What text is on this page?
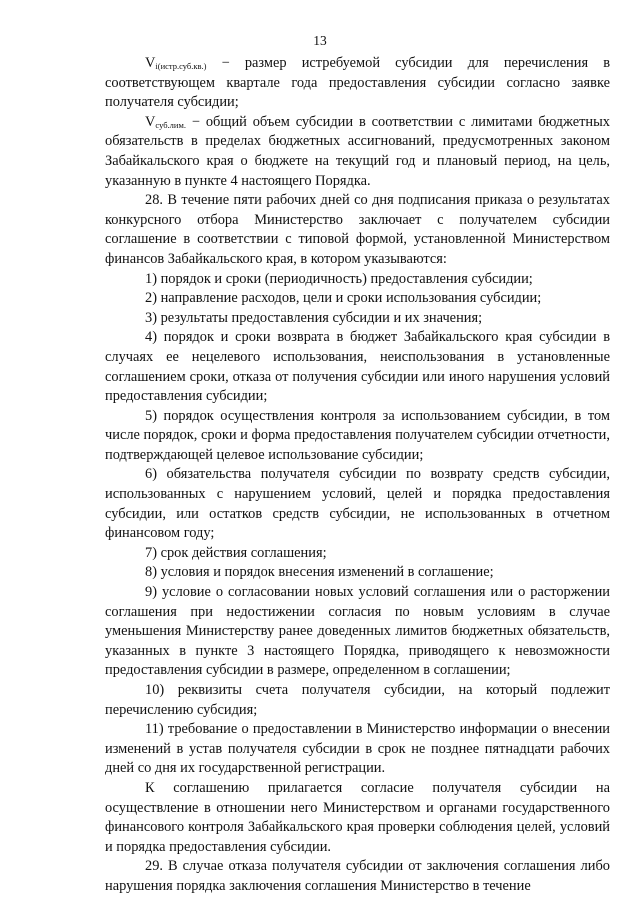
13

$V_{i(истр.суб.кв.)}$ − размер истребуемой субсидии для перечисления в соответствующем квартале года предоставления субсидии согласно заявке получателя субсидии;

$V_{суб.лим.}$ − общий объем субсидии в соответствии с лимитами бюджетных обязательств в пределах бюджетных ассигнований, предусмотренных законом Забайкальского края о бюджете на текущий год и плановый период, на цель, указанную в пункте 4 настоящего Порядка.

28. В течение пяти рабочих дней со дня подписания приказа о результатах конкурсного отбора Министерство заключает с получателем субсидии соглашение в соответствии с типовой формой, установленной Министерством финансов Забайкальского края, в котором указываются:

1) порядок и сроки (периодичность) предоставления субсидии;

2) направление расходов, цели и сроки использования субсидии;

3) результаты предоставления субсидии и их значения;

4) порядок и сроки возврата в бюджет Забайкальского края субсидии в случаях ее нецелевого использования, неиспользования в установленные соглашением сроки, отказа от получения субсидии или иного нарушения условий предоставления субсидии;

5) порядок осуществления контроля за использованием субсидии, в том числе порядок, сроки и форма предоставления получателем субсидии отчетности, подтверждающей целевое использование субсидии;

6) обязательства получателя субсидии по возврату средств субсидии, использованных с нарушением условий, целей и порядка предоставления субсидии, или остатков средств субсидии, не использованных в отчетном финансовом году;

7) срок действия соглашения;

8) условия и порядок внесения изменений в соглашение;

9) условие о согласовании новых условий соглашения или о расторжении соглашения при недостижении согласия по новым условиям в случае уменьшения Министерству ранее доведенных лимитов бюджетных обязательств, указанных в пункте 3 настоящего Порядка, приводящего к невозможности предоставления субсидии в размере, определенном в соглашении;

10) реквизиты счета получателя субсидии, на который подлежит перечислению субсидия;

11) требование о предоставлении в Министерство информации о внесении изменений в устав получателя субсидии в срок не позднее пятнадцати рабочих дней со дня их государственной регистрации.

К соглашению прилагается согласие получателя субсидии на осуществление в отношении него Министерством и органами государственного финансового контроля Забайкальского края проверки соблюдения целей, условий и порядка предоставления субсидии.

29. В случае отказа получателя субсидии от заключения соглашения либо нарушения порядка заключения соглашения Министерство в течение
